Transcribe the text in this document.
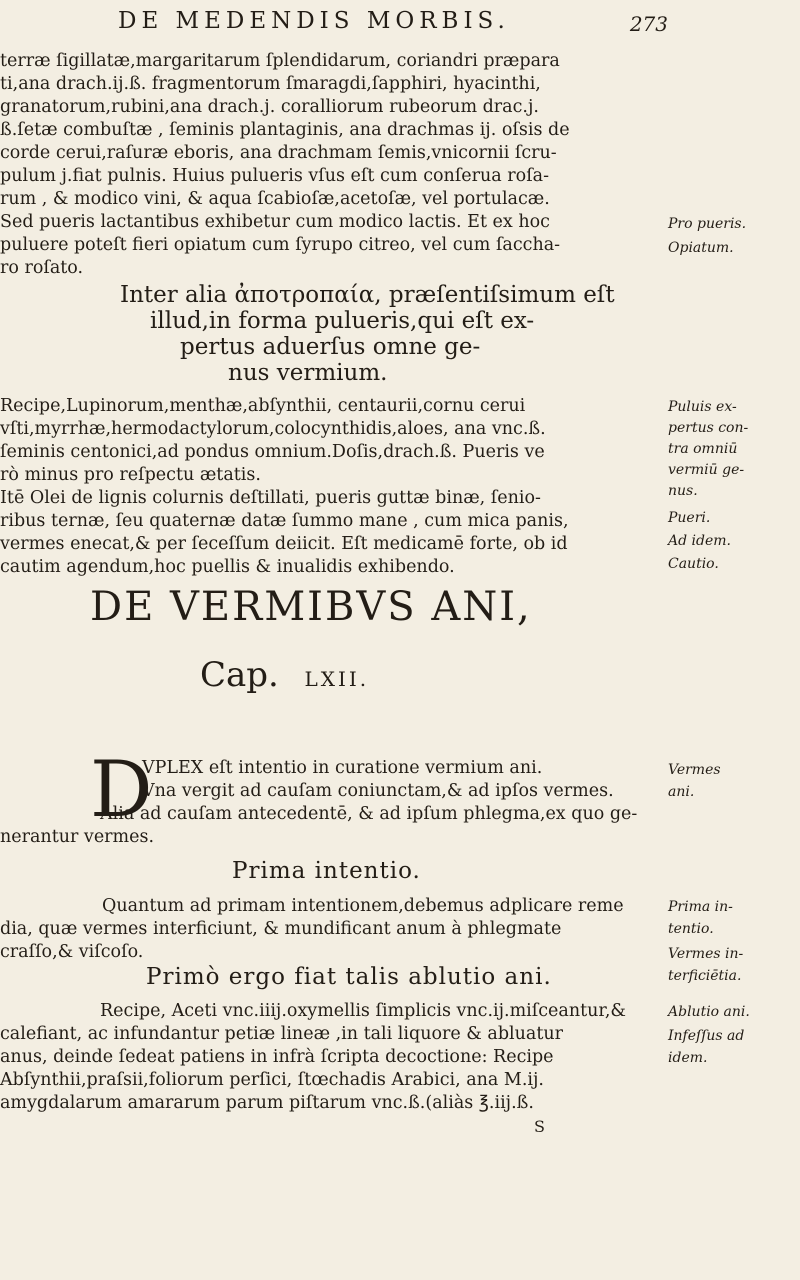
DE MEDENDIS MORBIS.	273
terræ ſigillatæ,margaritarum ſplendidarum, coriandri præpara
ti,ana drach.ij.ß. fragmentorum ſmaragdi,ſapphiri, hyacinthi,
granatorum,rubini,ana drach.j. coralliorum rubeorum drac.j.
ß.ſetæ combuſtæ , ſeminis plantaginis, ana drachmas ij. oſsis de
corde cerui,raſuræ eboris, ana drachmam ſemis,vnicornii ſcru-
pulum j.fiat pulnis. Huius pulueris vſus eſt cum conſerua roſa-
rum , & modico vini, & aqua ſcabioſæ,acetoſæ, vel portulacæ.
Sed pueris lactantibus exhibetur cum modico lactis. Et ex hoc
puluere poteſt fieri opiatum cum ſyrupo citreo, vel cum ſaccha-
ro roſato.
Pro pueris.
Opiatum.
Inter alia ἀποτροπαία, præſentiſsimum eſt
illud,in forma pulueris,qui eſt ex-
pertus aduerſus omne ge-
nus vermium.
Recipe,Lupinorum,menthæ,abſynthii, centaurii,cornu cerui
vſti,myrrhæ,hermodactylorum,colocynthidis,aloes, ana vnc.ß.
ſeminis centonici,ad pondus omnium.Doſis,drach.ß. Pueris ve
rò minus pro reſpectu ætatis.
Itē Olei de lignis colurnis deſtillati, pueris guttæ binæ, ſenio-
ribus ternæ, ſeu quaternæ datæ ſummo mane , cum mica panis,
vermes enecat,& per ſeceſſum deiicit. Eſt medicamē forte, ob id
cautim agendum,hoc puellis & inualidis exhibendo.
Puluis ex-
pertus con-
tra omniū
vermiū ge-
nus.
Pueri.
Ad idem.
Cautio.
DE VERMIBVS ANI,
Cap. LXII.
D
VPLEX eſt intentio in curatione vermium ani.
Vna vergit ad cauſam coniunctam,& ad ipſos vermes.
Alia ad cauſam antecedentē, & ad ipſum phlegma,ex quo ge-
nerantur vermes.
Vermes
ani.
Prima intentio.
Quantum ad primam intentionem,debemus adplicare reme
dia, quæ vermes interficiunt, & mundificant anum à phlegmate
craſſo,& viſcoſo.
Prima in-
tentio.
Vermes in-
terficiētia.
Primò ergo fiat talis ablutio ani.
Recipe, Aceti vnc.iiij.oxymellis ſimplicis vnc.ij.miſceantur,&
calefiant, ac infundantur petiæ lineæ ,in tali liquore & abluatur
anus, deinde ſedeat patiens in infrà ſcripta decoctione: Recipe
Abſynthii,praſsii,foliorum perſici, ſtœchadis Arabici, ana M.ij.
amygdalarum amararum parum piſtarum vnc.ß.(aliàs ℥.iij.ß.
Ablutio ani.
Infeſſus ad
idem.
S
